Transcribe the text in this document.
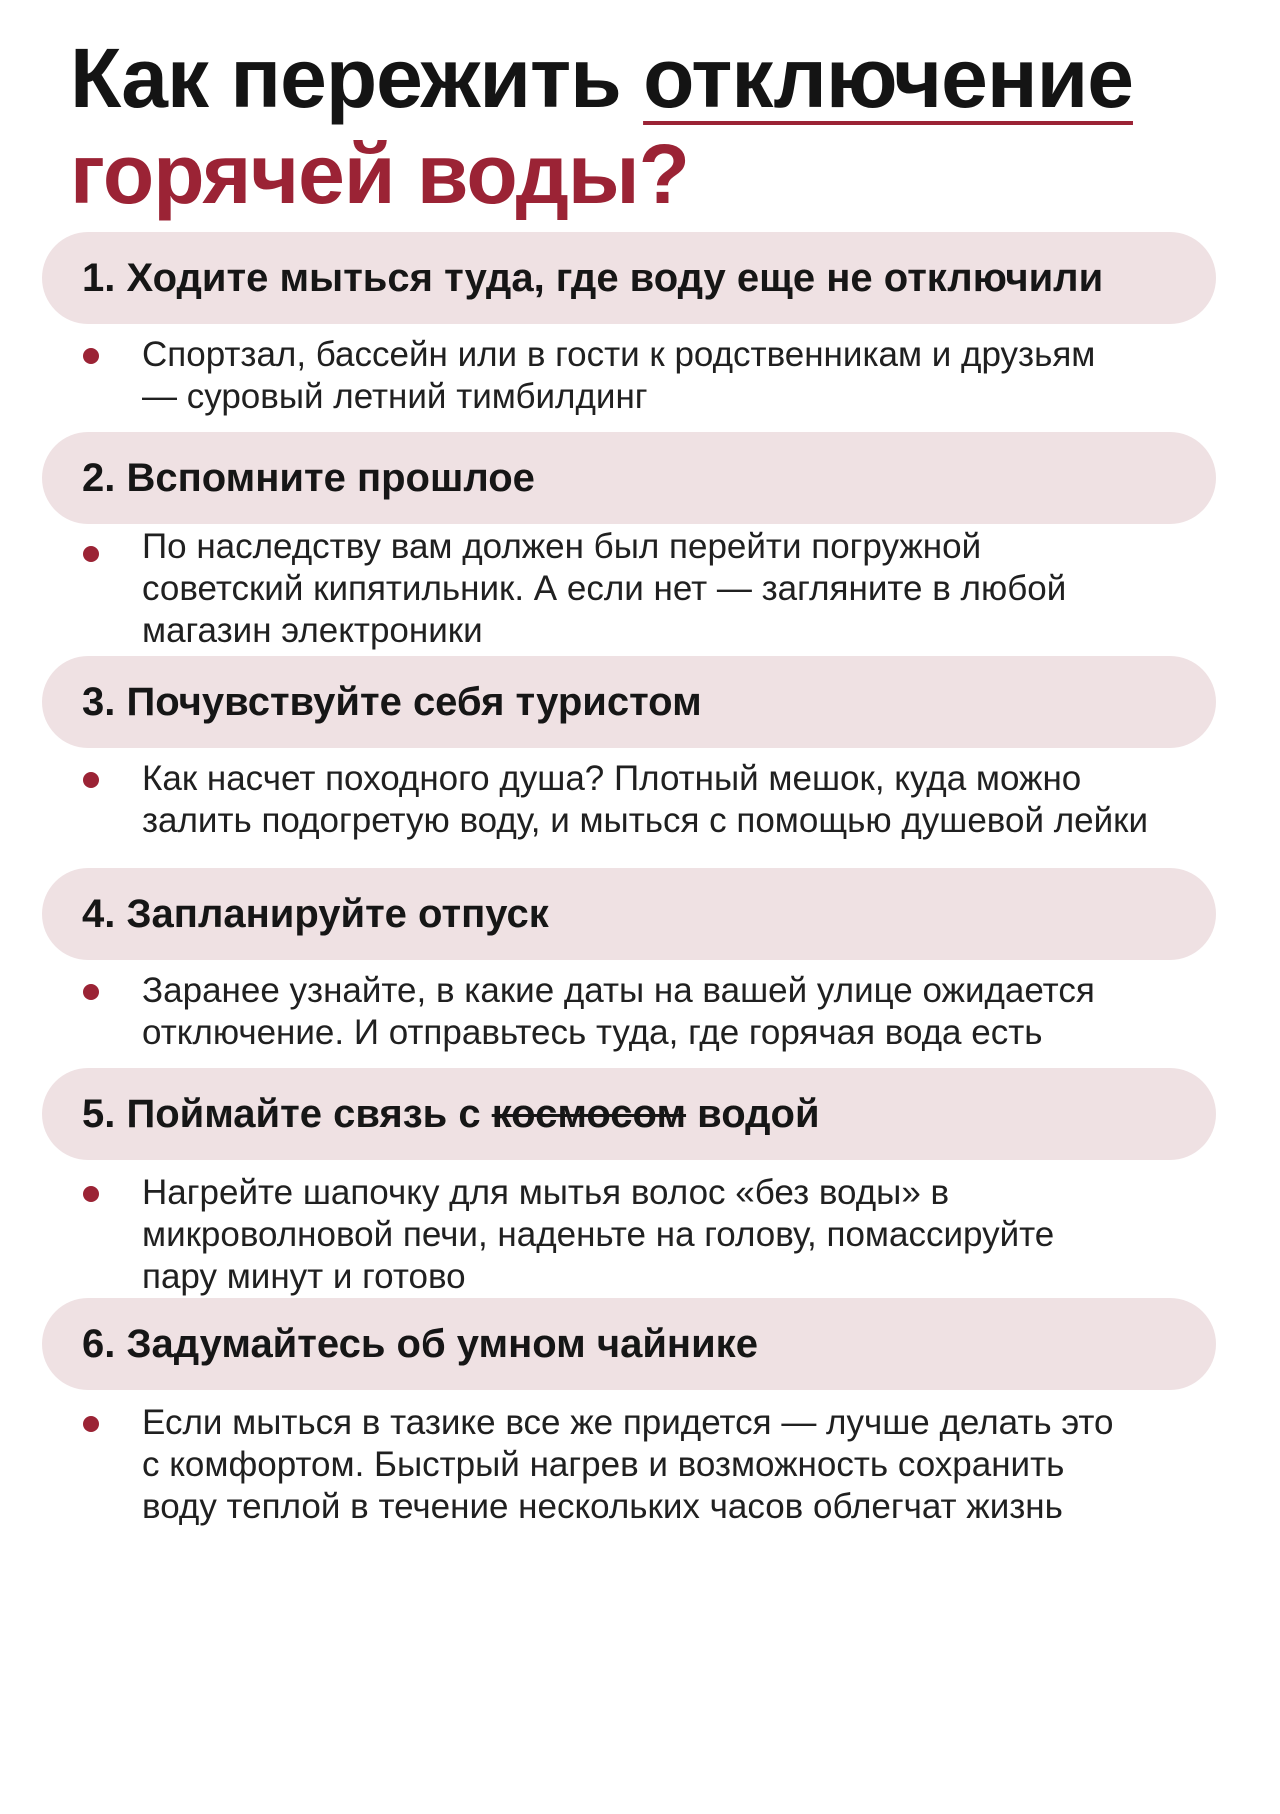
Как пережить отключение
горячей воды?
1. Ходите мыться туда, где воду еще не отключили
Спортзал, бассейн или в гости к родственникам и друзьям
— суровый летний тимбилдинг
2. Вспомните прошлое
По наследству вам должен был перейти погружной
советский кипятильник. А если нет — загляните в любой
магазин электроники
3. Почувствуйте себя туристом
Как насчет походного душа? Плотный мешок, куда можно
залить подогретую воду, и мыться с помощью душевой лейки
4. Запланируйте отпуск
Заранее узнайте, в какие даты на вашей улице ожидается
отключение. И отправьтесь туда, где горячая вода есть
5. Поймайте связь с космосом водой
Нагрейте шапочку для мытья волос «без воды» в
микроволновой печи, наденьте на голову, помассируйте
пару минут и готово
6. Задумайтесь об умном чайнике
Если мыться в тазике все же придется — лучше делать это
с комфортом. Быстрый нагрев и возможность сохранить
воду теплой в течение нескольких часов облегчат жизнь
